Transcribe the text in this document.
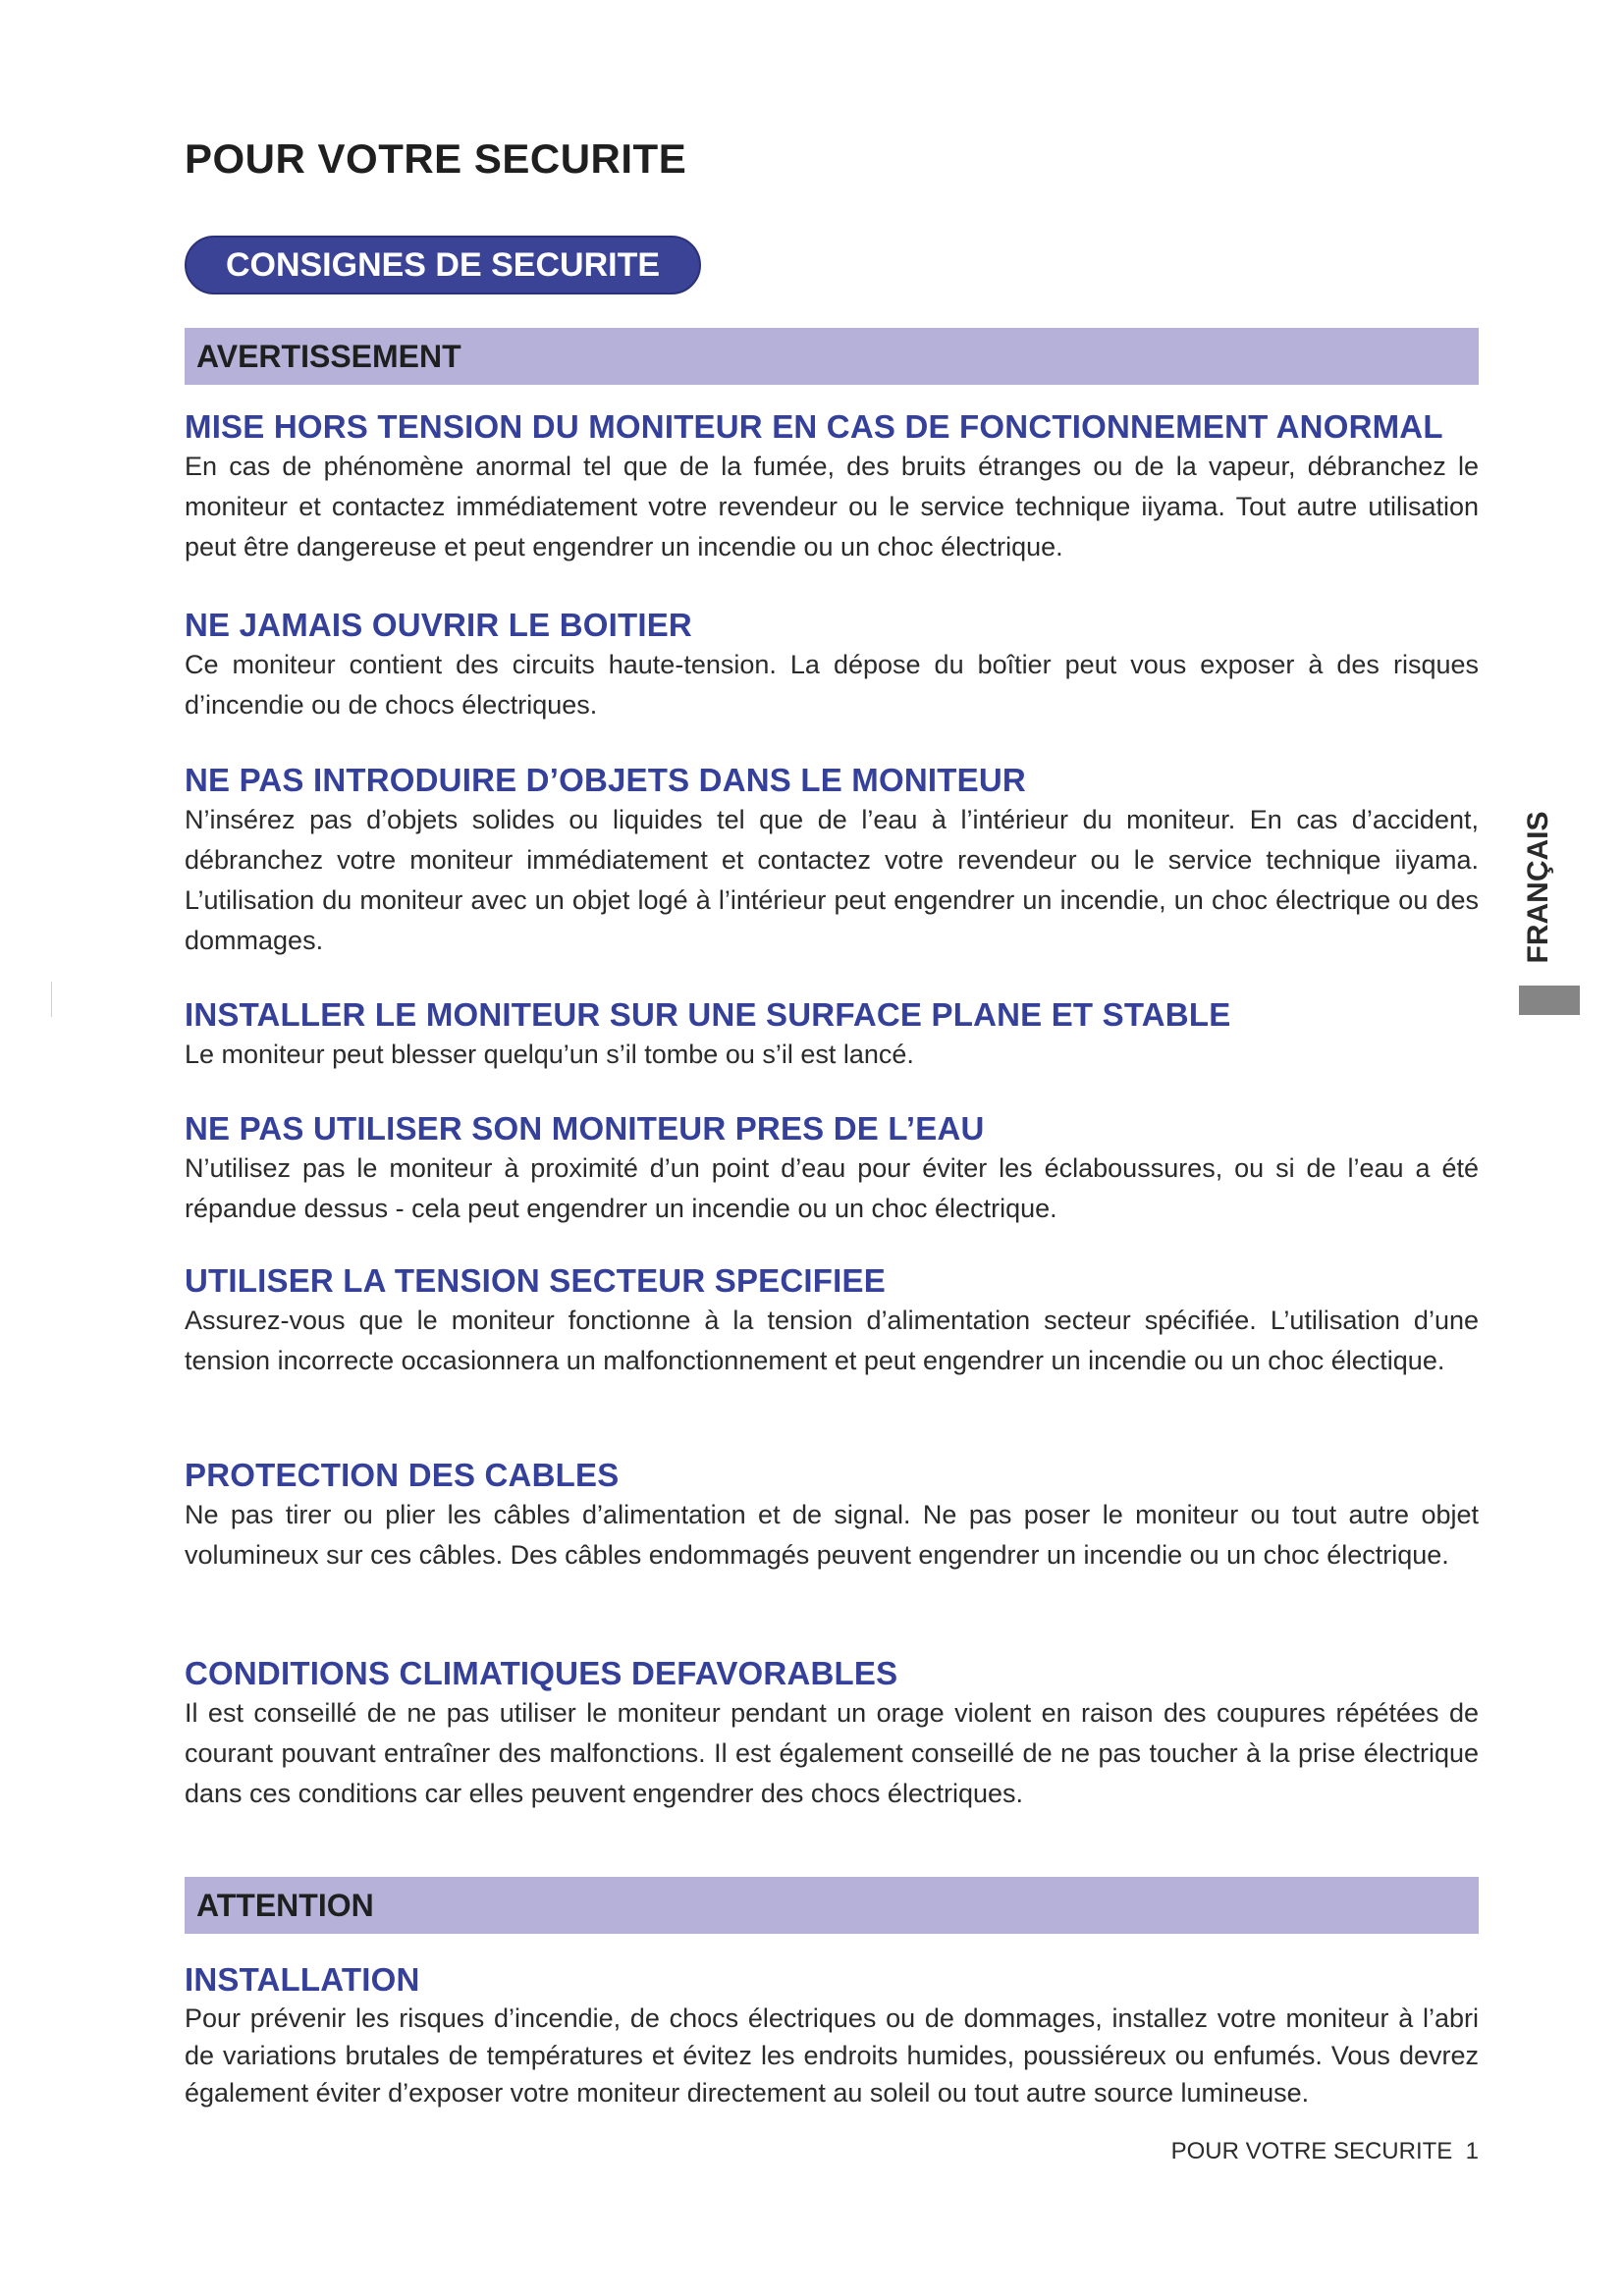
POUR VOTRE SECURITE
CONSIGNES DE SECURITE
AVERTISSEMENT
MISE HORS TENSION DU MONITEUR EN CAS DE FONCTIONNEMENT ANORMAL

En cas de phénomène anormal tel que de la fumée, des bruits étranges ou de la vapeur, débranchez le moniteur et contactez immédiatement votre revendeur ou le service technique iiyama. Tout autre utilisation peut être dangereuse et peut engendrer un incendie ou un choc électrique.

NE JAMAIS OUVRIR LE BOITIER

Ce moniteur contient des circuits haute-tension. La dépose du boîtier peut vous exposer à des risques d’incendie ou de chocs électriques.

NE PAS INTRODUIRE D’OBJETS DANS LE MONITEUR

N’insérez pas d’objets solides ou liquides tel que de l’eau à l’intérieur du moniteur. En cas d’accident, débranchez votre moniteur immédiatement et contactez votre revendeur ou le service technique iiyama. L’utilisation du moniteur avec un objet logé à l’intérieur peut engendrer un incendie, un choc électrique ou des dommages.

INSTALLER LE MONITEUR SUR UNE SURFACE PLANE ET STABLE

Le moniteur peut blesser quelqu’un s’il tombe ou s’il est lancé.

NE PAS UTILISER SON MONITEUR PRES DE L’EAU

N’utilisez pas le moniteur à proximité d’un point d’eau pour éviter les éclaboussures, ou si de l’eau a été répandue dessus - cela peut engendrer un incendie ou un choc électrique.

UTILISER LA TENSION SECTEUR SPECIFIEE

Assurez-vous que le moniteur fonctionne à la tension d’alimentation secteur spécifiée. L’utilisation d’une tension incorrecte occasionnera un malfonctionnement et peut engendrer un incendie ou un choc électique.

PROTECTION DES CABLES

Ne pas tirer ou plier les câbles d’alimentation et de signal. Ne pas poser le moniteur ou tout autre objet volumineux sur ces câbles. Des câbles endommagés peuvent engendrer un incendie ou un choc électrique.

CONDITIONS CLIMATIQUES DEFAVORABLES

Il est conseillé de ne pas utiliser le moniteur pendant un orage violent en raison des coupures répétées de courant pouvant entraîner des malfonctions. Il est également conseillé de ne pas toucher à la prise électrique dans ces conditions car elles peuvent engendrer des chocs électriques.

ATTENTION
INSTALLATION

Pour prévenir les risques d’incendie, de chocs électriques ou de dommages, installez votre moniteur à l’abri de variations brutales de températures et évitez les endroits humides, poussiéreux ou enfumés. Vous devrez également éviter d’exposer votre moniteur directement au soleil ou tout autre source lumineuse.

FRANÇAIS
POUR VOTRE SECURITE  1
